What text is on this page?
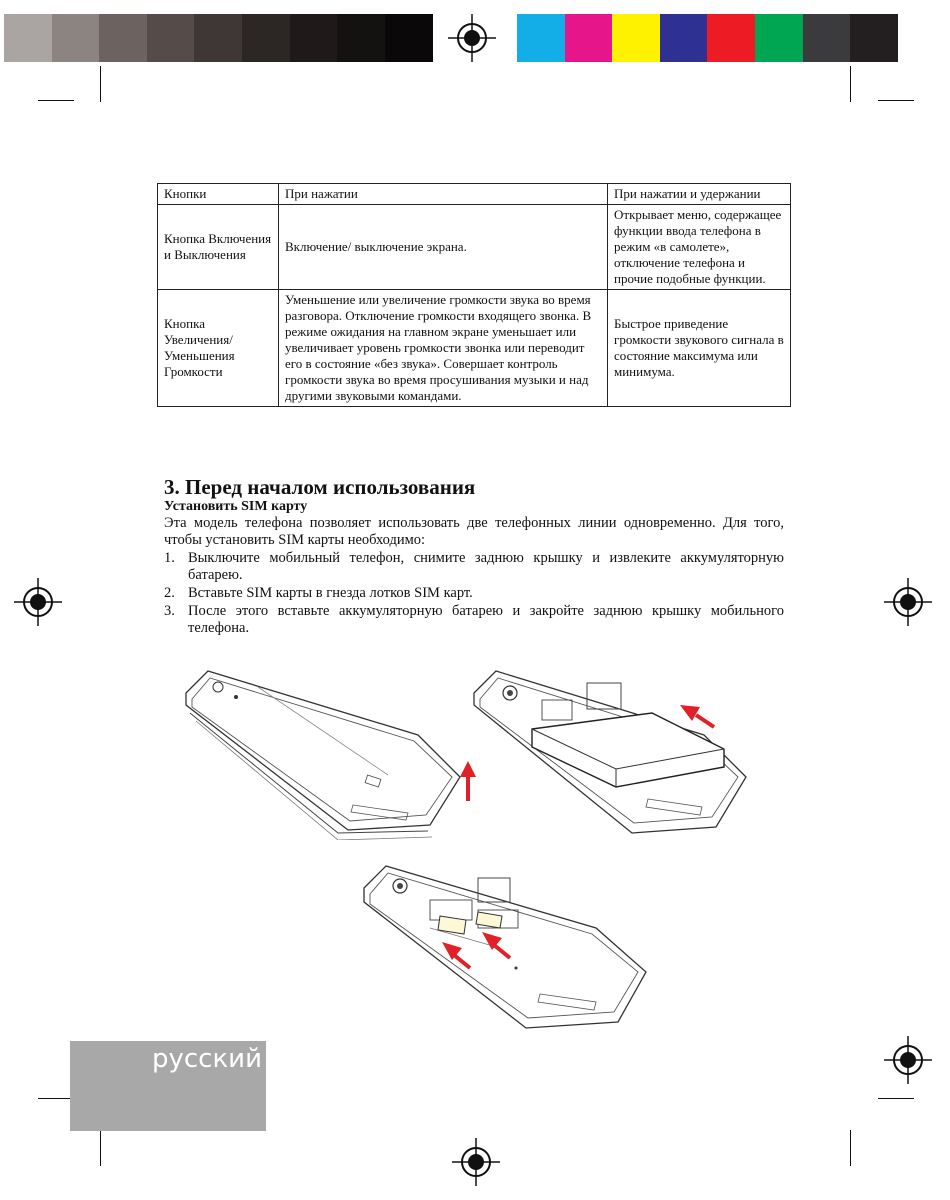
Кнопки	При нажатии	При нажатии и удержании
Кнопка Включения и Выключения	Включение/ выключение экрана.	Открывает меню, содержащее функции ввода телефона в режим «в самолете», отключение телефона и прочие подобные функции.
Кнопка Увеличения/ Уменьшения Громкости	Уменьшение или увеличение громкости звука во время разговора. Отключение громкости входящего звонка. В режиме ожидания на главном экране уменьшает или увеличивает уровень громкости звонка или переводит его в состояние «без звука». Совершает контроль громкости звука во время просушивания музыки и над другими звуковыми командами.	Быстрое приведение громкости звукового сигнала в состояние максимума или минимума.
3. Перед началом использования
Установить SIM карту

Эта модель телефона позволяет использовать две телефонных линии одновременно. Для того, чтобы установить SIM карты необходимо:

1. Выключите мобильный телефон, снимите заднюю крышку и извлеките аккумуляторную батарею.
2. Вставьте SIM карты в гнезда лотков SIM карт.
3. После этого вставьте аккумуляторную батарею и закройте заднюю крышку мобильного телефона.
русский
